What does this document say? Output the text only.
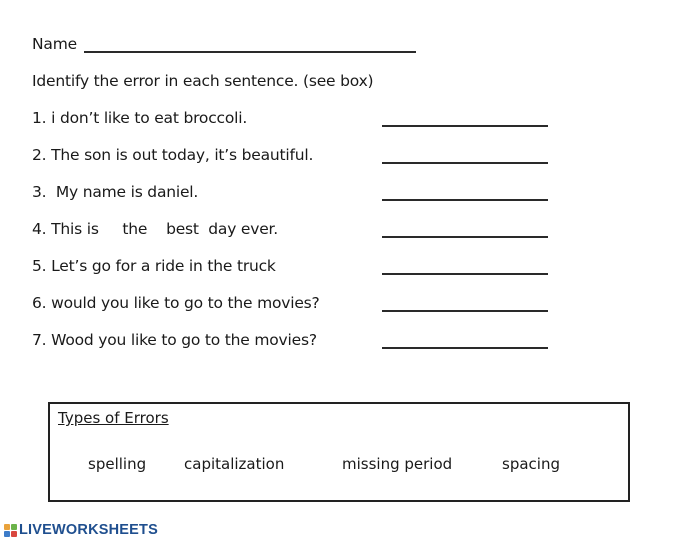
Name
Identify the error in each sentence. (see box)
1. i don’t like to eat broccoli.
2. The son is out today, it’s beautiful.
3.  My name is daniel.
4. This is     the    best  day ever.
5. Let’s go for a ride in the truck
6. would you like to go to the movies?
7. Wood you like to go to the movies?
Types of Errors
spelling	capitalization	missing period	spacing
LIVEWORKSHEETS
